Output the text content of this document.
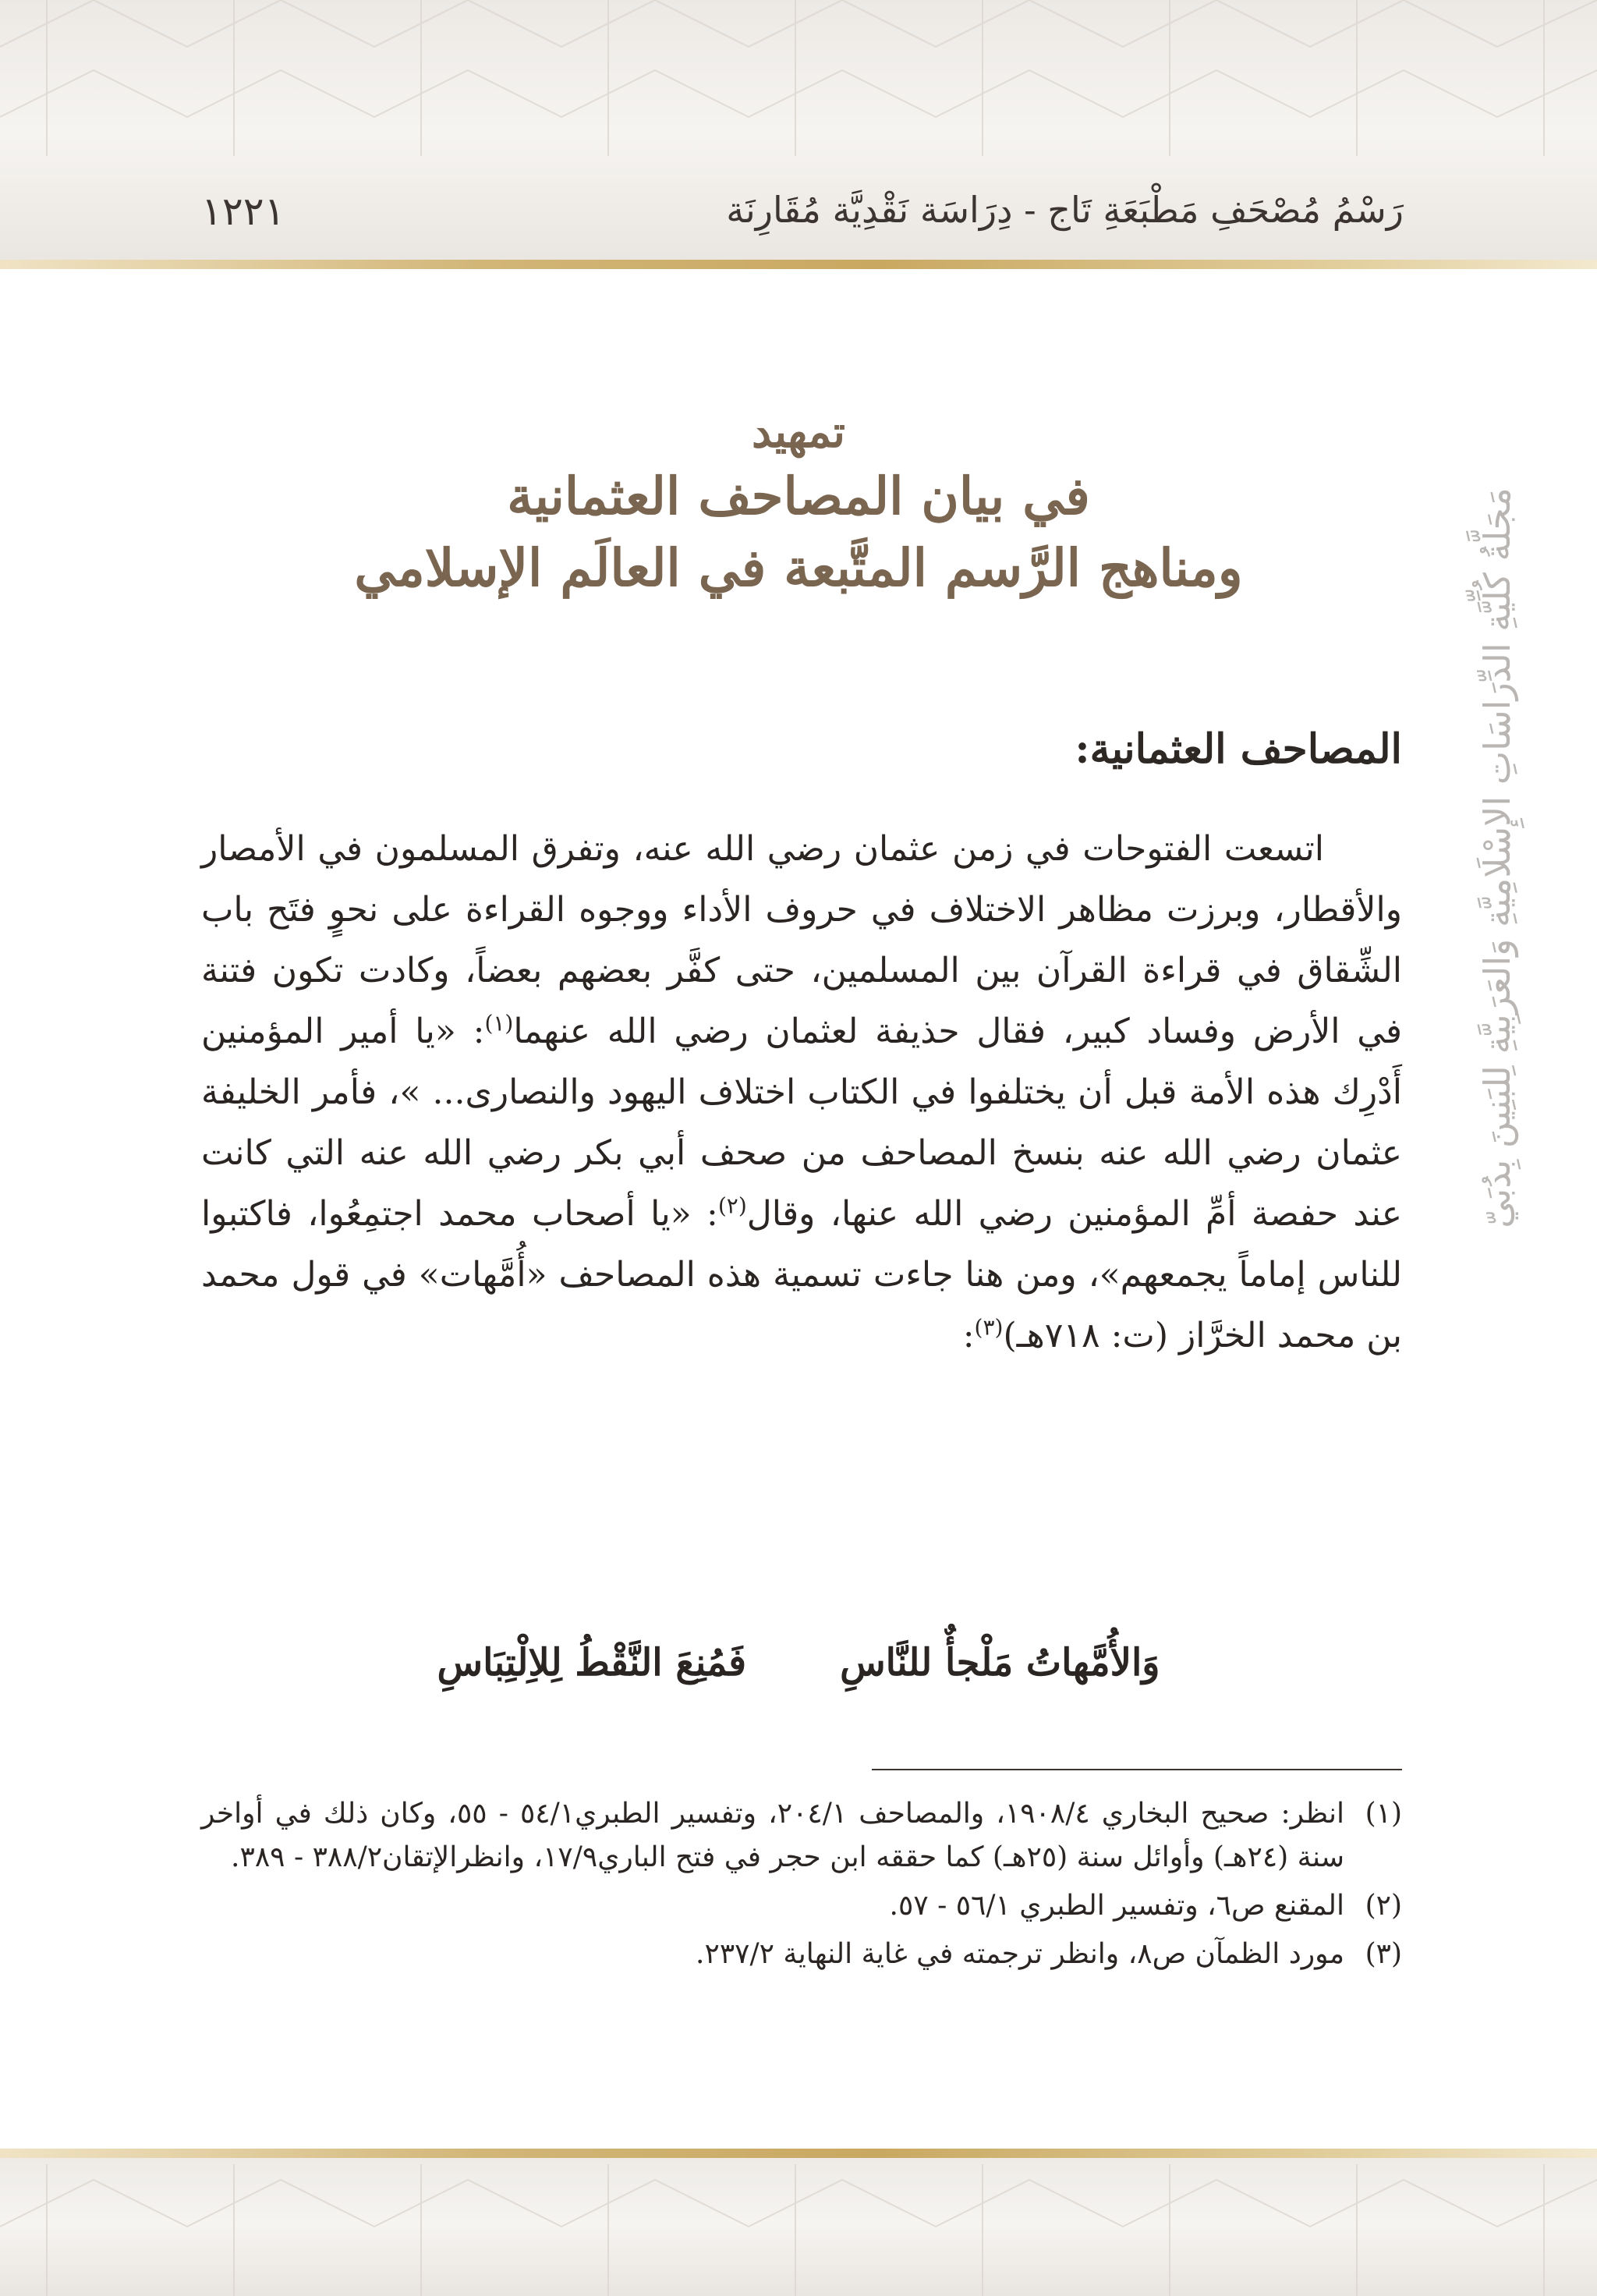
رَسْمُ مُصْحَفِ مَطْبَعَةِ تَاج - دِرَاسَة نَقْدِيَّة مُقَارِنَة
١٢٢١
مَجَلَّةُ كُلِّيَّةِ الدِّرَاسَاتِ الإِسْلَامِيَّةِ وَالعَرَبِيَّةِ لِلبَنِينَ بِدُبَيّ
تمهيد
في بيان المصاحف العثمانية
ومناهج الرَّسم المتَّبعة في العالَم الإسلامي
المصاحف العثمانية:

اتسعت الفتوحات في زمن عثمان رضي الله عنه، وتفرق المسلمون في الأمصار والأقطار، وبرزت مظاهر الاختلاف في حروف الأداء ووجوه القراءة على نحوٍ فتَح باب الشِّقاق في قراءة القرآن بين المسلمين، حتى كفَّر بعضهم بعضاً، وكادت تكون فتنة في الأرض وفساد كبير، فقال حذيفة لعثمان رضي الله عنهما$^{(١)}$: «يا أمير المؤمنين أَدْرِك هذه الأمة قبل أن يختلفوا في الكتاب اختلاف اليهود والنصارى... »، فأمر الخليفة عثمان رضي الله عنه بنسخ المصاحف من صحف أبي بكر رضي الله عنه التي كانت عند حفصة أمِّ المؤمنين رضي الله عنها، وقال$^{(٢)}$: «يا أصحاب محمد اجتمِعُوا، فاكتبوا للناس إماماً يجمعهم»، ومن هنا جاءت تسمية هذه المصاحف «أُمَّهات» في قول محمد بن محمد الخرَّاز (ت: ٧١٨هـ)$^{(٣)}$:

وَالأُمَّهاتُ مَلْجأٌ للنَّاسِ
فَمُنِعَ النَّقْطُ لِلاِلْتِبَاسِ
(١)
انظر: صحيح البخاري ١٩٠٨/٤، والمصاحف ٢٠٤/١، وتفسير الطبري٥٤/١ - ٥٥، وكان ذلك في أواخر سنة (٢٤هـ) وأوائل سنة (٢٥هـ) كما حققه ابن حجر في فتح الباري١٧/٩، وانظرالإتقان٣٨٨/٢ - ٣٨٩.
(٢)
المقنع ص٦، وتفسير الطبري ٥٦/١ - ٥٧.
(٣)
مورد الظمآن ص٨، وانظر ترجمته في غاية النهاية ٢٣٧/٢.
